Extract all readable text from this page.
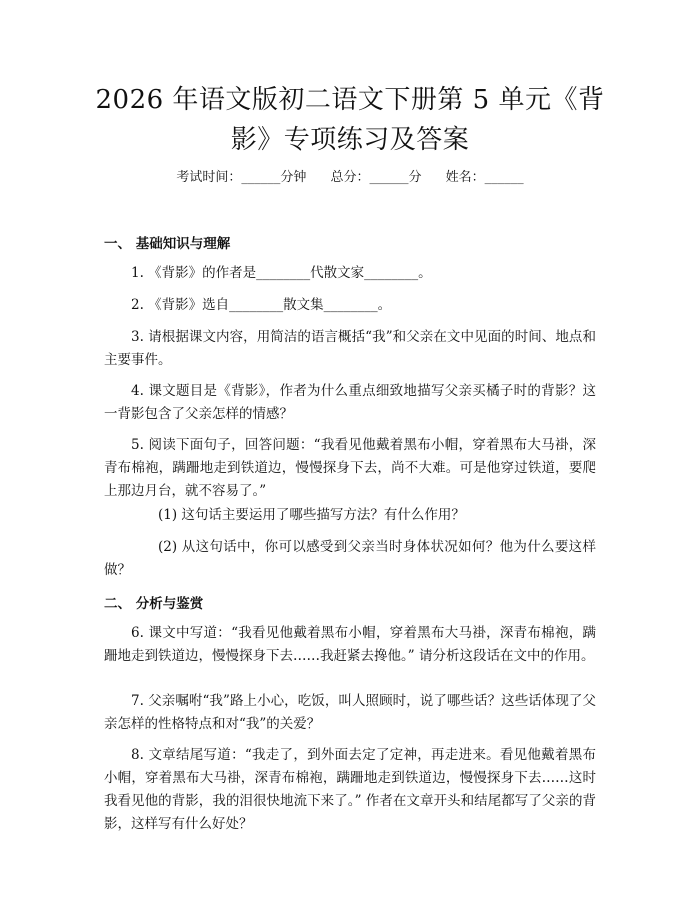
2026 年语文版初二语文下册第 5 单元《背影》专项练习及答案
考试时间：______分钟 总分：______分 姓名：______
一、 基础知识与理解
1. 《背影》的作者是________代散文家________。
2. 《背影》选自________散文集________。
3. 请根据课文内容，用简洁的语言概括“我”和父亲在文中见面的时间、地点和主要事件。
4. 课文题目是《背影》，作者为什么重点细致地描写父亲买橘子时的背影？这一背影包含了父亲怎样的情感？
5. 阅读下面句子，回答问题：“我看见他戴着黑布小帽，穿着黑布大马褂，深青布棉袍，蹒跚地走到铁道边，慢慢探身下去，尚不大难。可是他穿过铁道，要爬上那边月台，就不容易了。”
(1) 这句话主要运用了哪些描写方法？有什么作用？
(2) 从这句话中，你可以感受到父亲当时身体状况如何？他为什么要这样做？
二、 分析与鉴赏
6. 课文中写道：“我看见他戴着黑布小帽，穿着黑布大马褂，深青布棉袍，蹒跚地走到铁道边，慢慢探身下去……我赶紧去搀他。” 请分析这段话在文中的作用。
7. 父亲嘱咐“我”路上小心，吃饭，叫人照顾时，说了哪些话？这些话体现了父亲怎样的性格特点和对“我”的关爱？
8. 文章结尾写道：“我走了，到外面去定了定神，再走进来。看见他戴着黑布小帽，穿着黑布大马褂，深青布棉袍，蹒跚地走到铁道边，慢慢探身下去……这时我看见他的背影，我的泪很快地流下来了。” 作者在文章开头和结尾都写了父亲的背影，这样写有什么好处？
